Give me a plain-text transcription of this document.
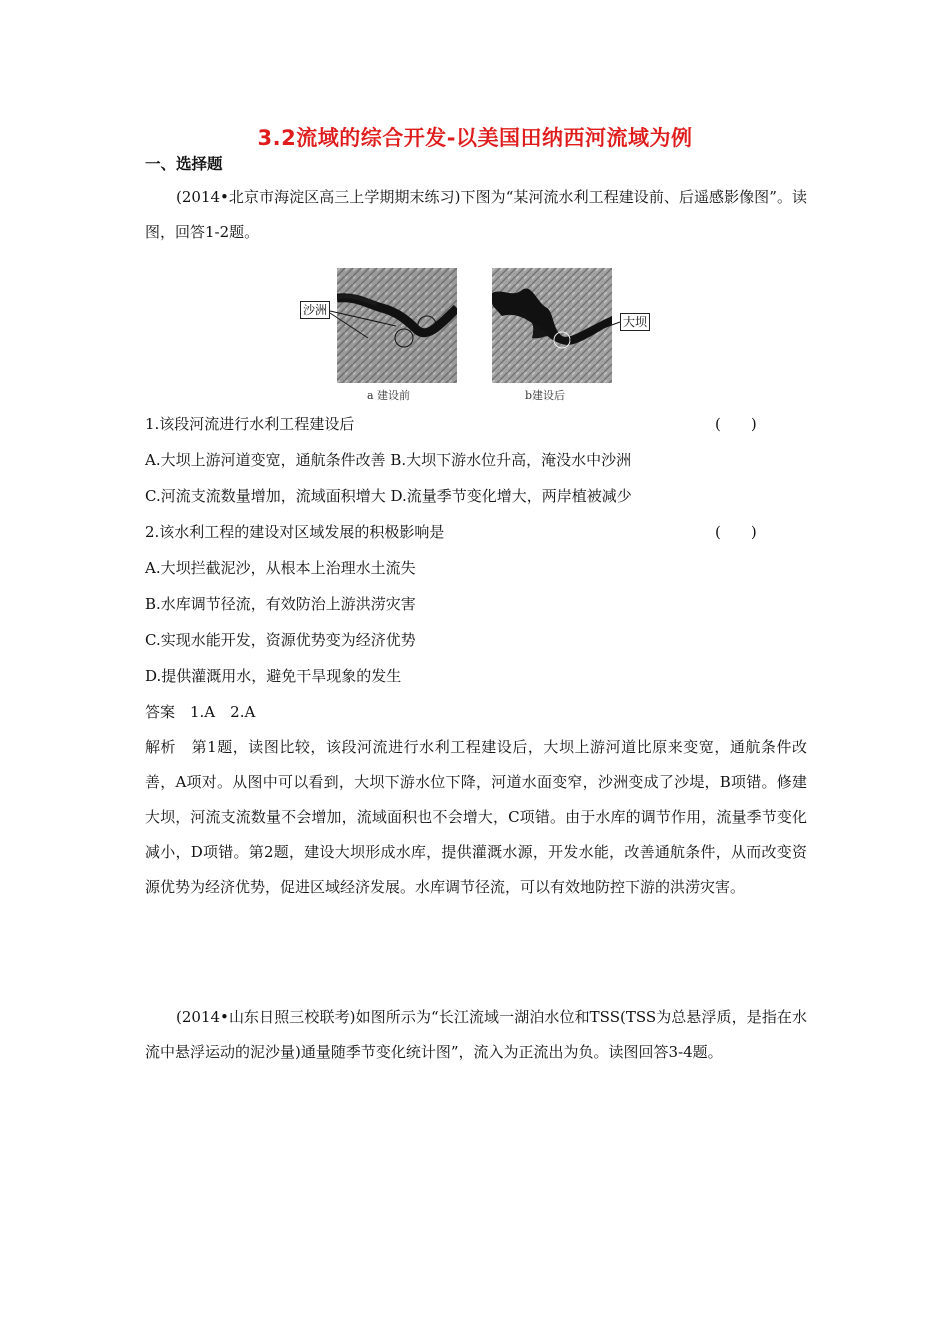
3.2流域的综合开发-以美国田纳西河流域为例
一、选择题
(2014•北京市海淀区高三上学期期末练习)下图为“某河流水利工程建设前、后遥感影像图”。读图，回答1-2题。
沙洲
a 建设前
大坝
b建设后
1.该段河流进行水利工程建设后	(　　)
A.大坝上游河道变宽，通航条件改善 B.大坝下游水位升高，淹没水中沙洲
C.河流支流数量增加，流域面积增大 D.流量季节变化增大，两岸植被减少
2.该水利工程的建设对区域发展的积极影响是	(　　)
A.大坝拦截泥沙，从根本上治理水土流失
B.水库调节径流，有效防治上游洪涝灾害
C.实现水能开发，资源优势变为经济优势
D.提供灌溉用水，避免干旱现象的发生
答案　1.A　2.A
解析　第1题，读图比较，该段河流进行水利工程建设后，大坝上游河道比原来变宽，通航条件改善，A项对。从图中可以看到，大坝下游水位下降，河道水面变窄，沙洲变成了沙堤，B项错。修建大坝，河流支流数量不会增加，流域面积也不会增大，C项错。由于水库的调节作用，流量季节变化减小，D项错。第2题，建设大坝形成水库，提供灌溉水源，开发水能，改善通航条件，从而改变资源优势为经济优势，促进区域经济发展。水库调节径流，可以有效地防控下游的洪涝灾害。
(2014•山东日照三校联考)如图所示为“长江流域一湖泊水位和TSS(TSS为总悬浮质，是指在水流中悬浮运动的泥沙量)通量随季节变化统计图”，流入为正流出为负。读图回答3-4题。
